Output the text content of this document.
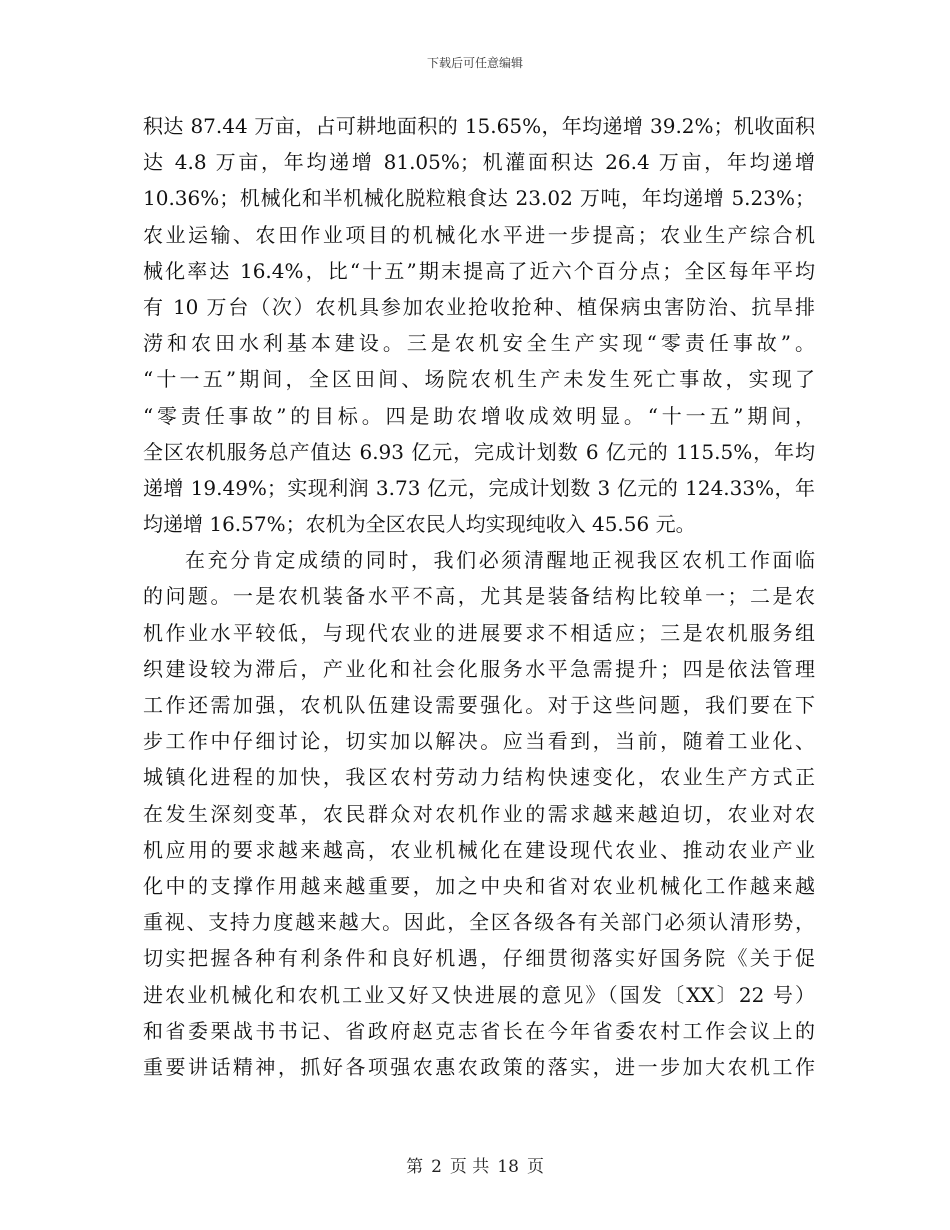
下载后可任意编辑
积达 87.44 万亩，占可耕地面积的 15.65%，年均递增 39.2%；机收面积
达 4.8 万亩，年均递增 81.05%；机灌面积达 26.4 万亩，年均递增
10.36%；机械化和半机械化脱粒粮食达 23.02 万吨，年均递增 5.23%；
农业运输、农田作业项目的机械化水平进一步提高；农业生产综合机
械化率达 16.4%，比“十五”期末提高了近六个百分点；全区每年平均
有 10 万台（次）农机具参加农业抢收抢种、植保病虫害防治、抗旱排
涝和农田水利基本建设。三是农机安全生产实现“零责任事故”。
“十一五”期间，全区田间、场院农机生产未发生死亡事故，实现了
“零责任事故”的目标。四是助农增收成效明显。“十一五”期间，
全区农机服务总产值达 6.93 亿元，完成计划数 6 亿元的 115.5%，年均
递增 19.49%；实现利润 3.73 亿元，完成计划数 3 亿元的 124.33%，年
均递增 16.57%；农机为全区农民人均实现纯收入 45.56 元。
在充分肯定成绩的同时，我们必须清醒地正视我区农机工作面临
的问题。一是农机装备水平不高，尤其是装备结构比较单一；二是农
机作业水平较低，与现代农业的进展要求不相适应；三是农机服务组
织建设较为滞后，产业化和社会化服务水平急需提升；四是依法管理
工作还需加强，农机队伍建设需要强化。对于这些问题，我们要在下
步工作中仔细讨论，切实加以解决。应当看到，当前，随着工业化、
城镇化进程的加快，我区农村劳动力结构快速变化，农业生产方式正
在发生深刻变革，农民群众对农机作业的需求越来越迫切，农业对农
机应用的要求越来越高，农业机械化在建设现代农业、推动农业产业
化中的支撑作用越来越重要，加之中央和省对农业机械化工作越来越
重视、支持力度越来越大。因此，全区各级各有关部门必须认清形势，
切实把握各种有利条件和良好机遇，仔细贯彻落实好国务院《关于促
进农业机械化和农机工业又好又快进展的意见》（国发〔XX〕22 号）
和省委栗战书书记、省政府赵克志省长在今年省委农村工作会议上的
重要讲话精神，抓好各项强农惠农政策的落实，进一步加大农机工作
第 2 页 共 18 页
